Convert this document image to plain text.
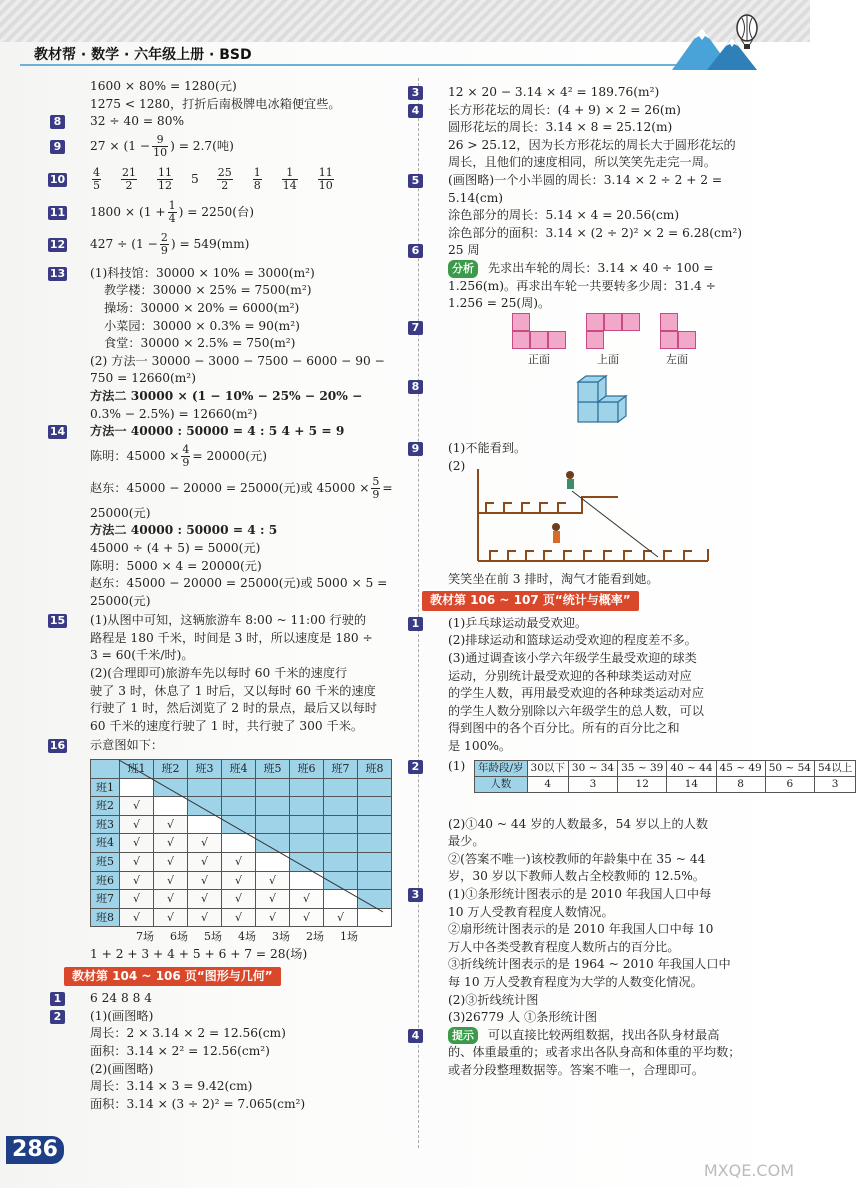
教材帮 · 数学 · 六年级上册 · BSD
1600 × 80% = 1280(元)
1275 < 1280，打折后南极牌电冰箱便宜些。
8	32 ÷ 40 = 80%
9	$27 \times (1 - \frac{9}{10}$ ) = 2.7(吨)
$10 \frac{4}{5} \frac{21}{2} \frac{11}{12} 5 \frac{25}{2} \frac{1}{8} \frac{1}{14} \frac{11}{10}$
11 $1800 \times (1 + \frac{1}{4}$ ) = 2250(台)
12 $427 \div (1 - \frac{2}{9}$ ) = 549(mm)
13 (1)科技馆：30000 × 10% = 3000(m²)
教学楼：30000 × 25% = 7500(m²)
操场：30000 × 20% = 6000(m²)
小菜园：30000 × 0.3% = 90(m²)
食堂：30000 × 2.5% = 750(m²)
(2) 方法一 30000 − 3000 − 7500 − 6000 − 90 −
750 = 12660(m²)
方法二 30000 × (1 − 10% − 25% − 20% −
0.3% − 2.5%) = 12660(m²)
14 方法一 40000 : 50000 = 4 : 5 4 + 5 = 9
陈明：$45000 \times \frac{4}{9} = 20000$(元)
赵东：45000 − 20000 = 25000(元)或 $45000 \times \frac{5}{9}$ =
25000(元)
方法二 40000 : 50000 = 4 : 5
45000 ÷ (4 + 5) = 5000(元)
陈明：5000 × 4 = 20000(元)
赵东：45000 − 20000 = 25000(元)或 5000 × 5 =
25000(元)
15 (1)从图中可知，这辆旅游车 8:00 ~ 11:00 行驶的
路程是 180 千米，时间是 3 时，所以速度是 180 ÷
3 = 60(千米/时)。
(2)(合理即可)旅游车先以每时 60 千米的速度行
驶了 3 时，休息了 1 时后，又以每时 60 千米的速度
行驶了 1 时，然后浏览了 2 时的景点，最后又以每时
60 千米的速度行驶了 1 时，共行驶了 300 千米。
16 示意图如下：
	班1	班2	班3	班4	班5	班6	班7	班8
班1								
班2	√							
班3	√	√						
班4	√	√	√					
班5	√	√	√	√				
班6	√	√	√	√	√			
班7	√	√	√	√	√	√		
班8	√	√	√	√	√	√	√	
7场	6场	5场	4场	3场	2场	1场
1 + 2 + 3 + 4 + 5 + 6 + 7 = 28(场)
教材第 104 ~ 106 页“图形与几何”
1	6 24 8 8 4
2	(1)(画图略)
周长：2 × 3.14 × 2 = 12.56(cm)
面积：3.14 × 2² = 12.56(cm²)
(2)(画图略)
周长：3.14 × 3 = 9.42(cm)
面积：3.14 × (3 ÷ 2)² = 7.065(cm²)
3	12 × 20 − 3.14 × 4² = 189.76(m²)
4	长方形花坛的周长：(4 + 9) × 2 = 26(m)
圆形花坛的周长：3.14 × 8 = 25.12(m)
26 > 25.12，因为长方形花坛的周长大于圆形花坛的
周长，且他们的速度相同，所以笑笑先走完一周。
5	(画图略)一个小半圆的周长：3.14 × 2 ÷ 2 + 2 =
5.14(cm)
涂色部分的周长：5.14 × 4 = 20.56(cm)
涂色部分的面积：3.14 × (2 ÷ 2)² × 2 = 6.28(cm²)
6	25 周
分析 先求出车轮的周长：3.14 × 40 ÷ 100 =
1.256(m)。再求出车轮一共要转多少周：31.4 ÷
1.256 = 25(周)。
7
正面	上面	左面
8
9	(1)不能看到。
(2)
笑笑坐在前 3 排时，淘气才能看到她。
教材第 106 ~ 107 页“统计与概率”
1	(1)乒乓球运动最受欢迎。
(2)排球运动和篮球运动受欢迎的程度差不多。
(3)通过调查该小学六年级学生最受欢迎的球类
运动，分别统计最受欢迎的各种球类运动对应
的学生人数，再用最受欢迎的各种球类运动对应
的学生人数分别除以六年级学生的总人数，可以
得到图中的各个百分比。所有的百分比之和
是 100%。
2	(1) 年龄段/岁	30以下	30 ~ 34	35 ~ 39	40 ~ 44	45 ~ 49	50 ~ 54	54以上
人数	4	3	12	14	8	6	3
(2)①40 ~ 44 岁的人数最多，54 岁以上的人数
最少。
②(答案不唯一)该校教师的年龄集中在 35 ~ 44
岁，30 岁以下教师人数占全校教师的 12.5%。
3	(1)①条形统计图表示的是 2010 年我国人口中每
10 万人受教育程度人数情况。
②扇形统计图表示的是 2010 年我国人口中每 10
万人中各类受教育程度人数所占的百分比。
③折线统计图表示的是 1964 ~ 2010 年我国人口中
每 10 万人受教育程度为大学的人数变化情况。
(2)③折线统计图
(3)26779 人 ①条形统计图
4	提示 可以直接比较两组数据，找出各队身材最高
的、体重最重的；或者求出各队身高和体重的平均数；
或者分段整理数据等。答案不唯一，合理即可。
286
MXQE.COM
